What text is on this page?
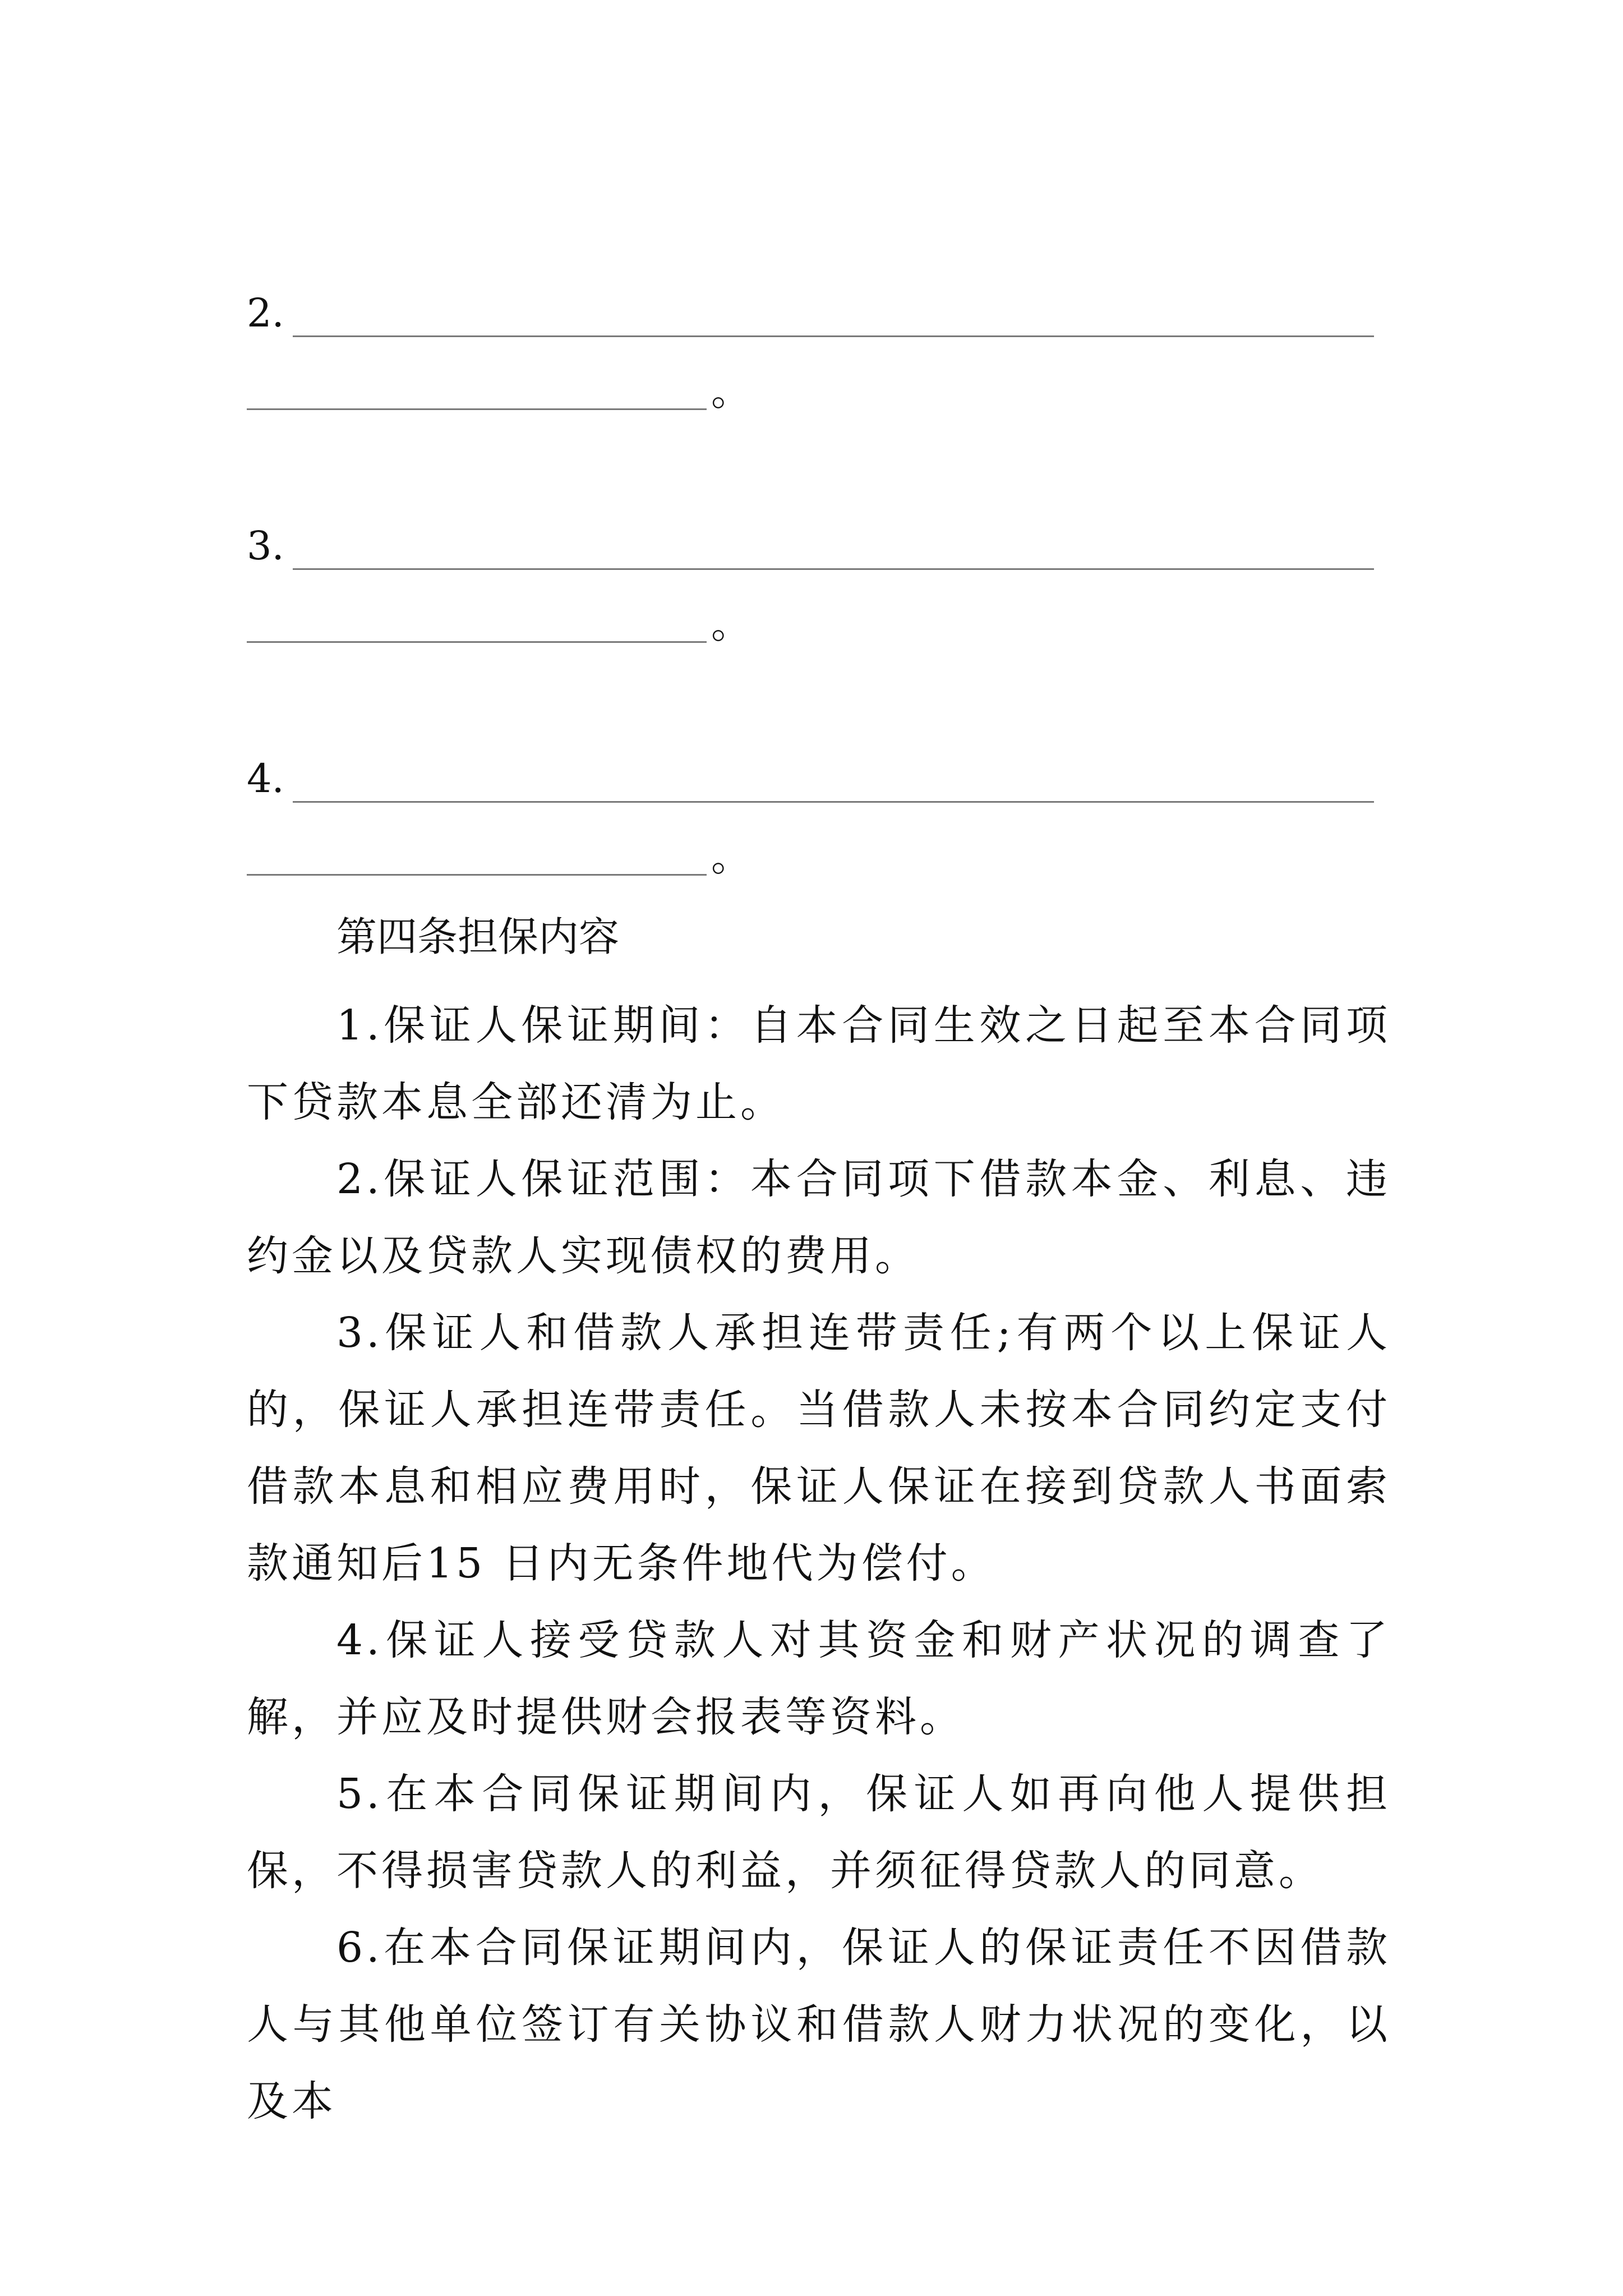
2.
。
3.
。
4.
。
第四条担保内容

1.保证人保证期间：自本合同生效之日起至本合同项下贷款本息全部还清为止。

2.保证人保证范围：本合同项下借款本金、利息、违约金以及贷款人实现债权的费用。

3.保证人和借款人承担连带责任;有两个以上保证人的，保证人承担连带责任。当借款人未按本合同约定支付借款本息和相应费用时，保证人保证在接到贷款人书面索款通知后15 日内无条件地代为偿付。

4.保证人接受贷款人对其资金和财产状况的调查了解，并应及时提供财会报表等资料。

5.在本合同保证期间内，保证人如再向他人提供担保，不得损害贷款人的利益，并须征得贷款人的同意。

6.在本合同保证期间内，保证人的保证责任不因借款人与其他单位签订有关协议和借款人财力状况的变化，以及本
